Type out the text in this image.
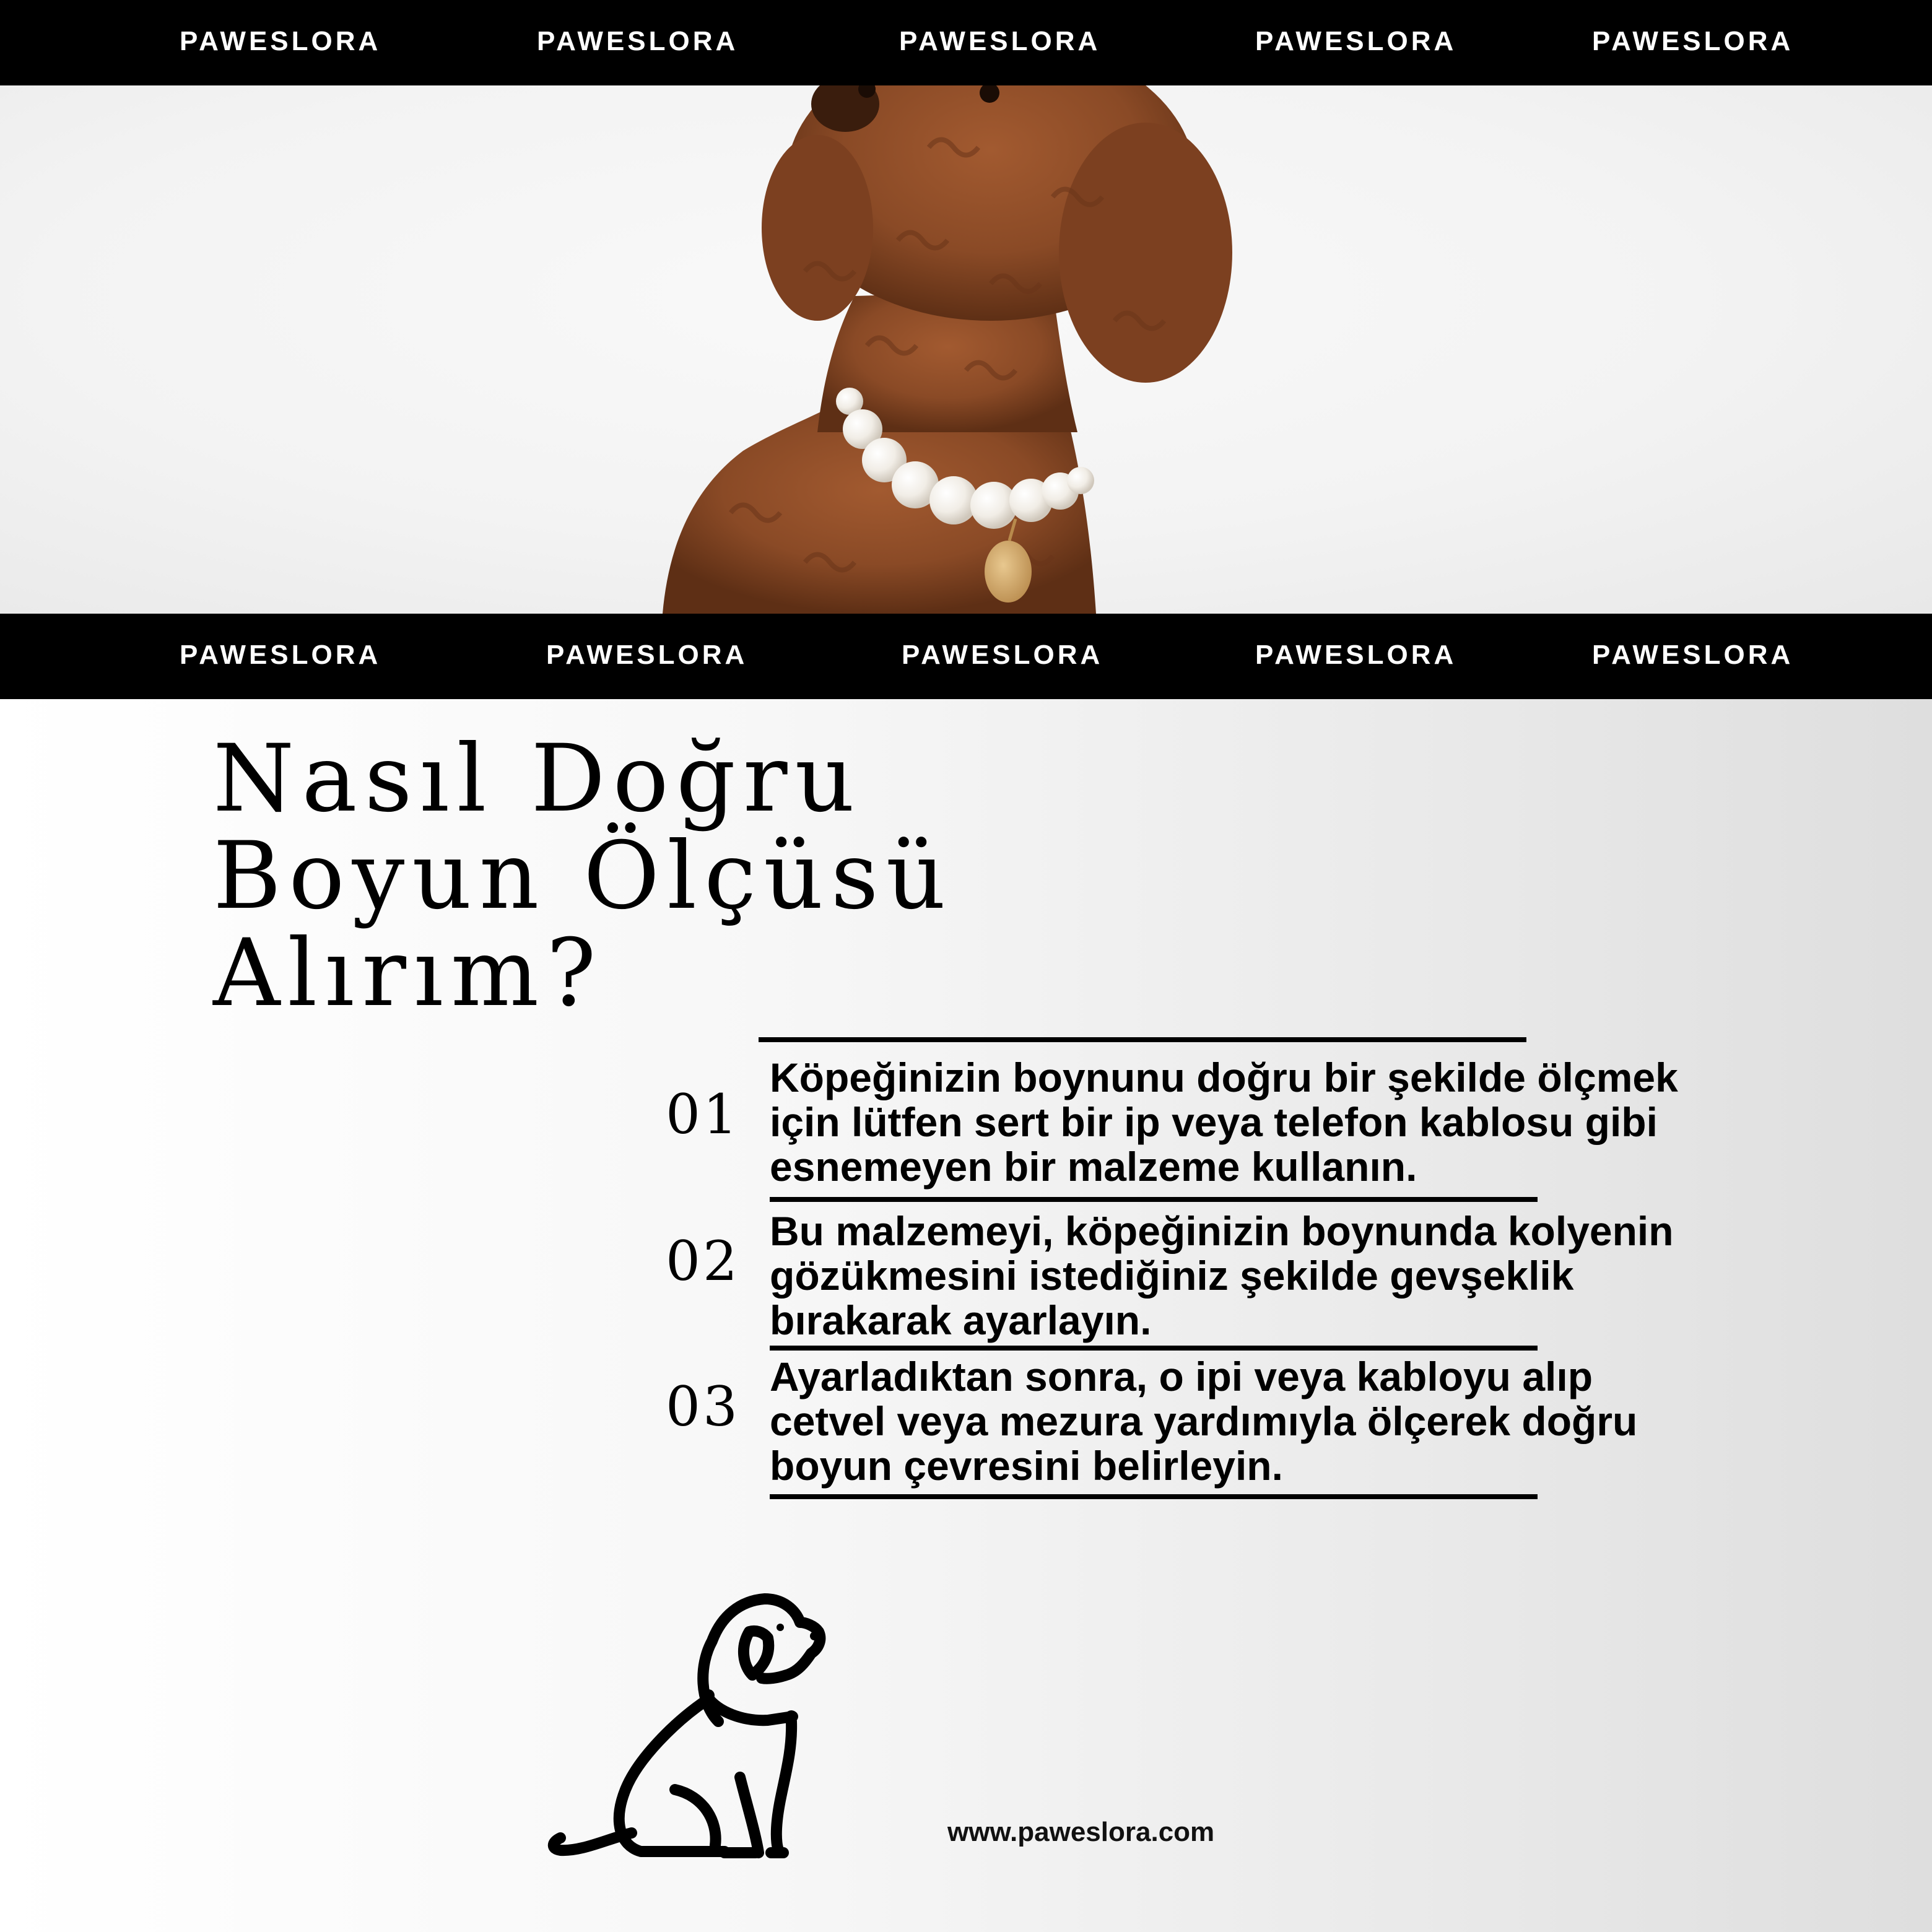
PAWESLORA	PAWESLORA	PAWESLORA	PAWESLORA	PAWESLORA
PAWESLORA	PAWESLORA	PAWESLORA	PAWESLORA	PAWESLORA
Nasıl Doğru
Boyun Ölçüsü
Alırım?
01
Köpeğinizin boynunu doğru bir şekilde ölçmek
için lütfen sert bir ip veya telefon kablosu gibi
esnemeyen bir malzeme kullanın.
02 Bu malzemeyi, köpeğinizin boynunda kolyenin
gözükmesini istediğiniz şekilde gevşeklik
bırakarak ayarlayın.
03 Ayarladıktan sonra, o ipi veya kabloyu alıp
cetvel veya mezura yardımıyla ölçerek doğru
boyun çevresini belirleyin.
www.paweslora.com
